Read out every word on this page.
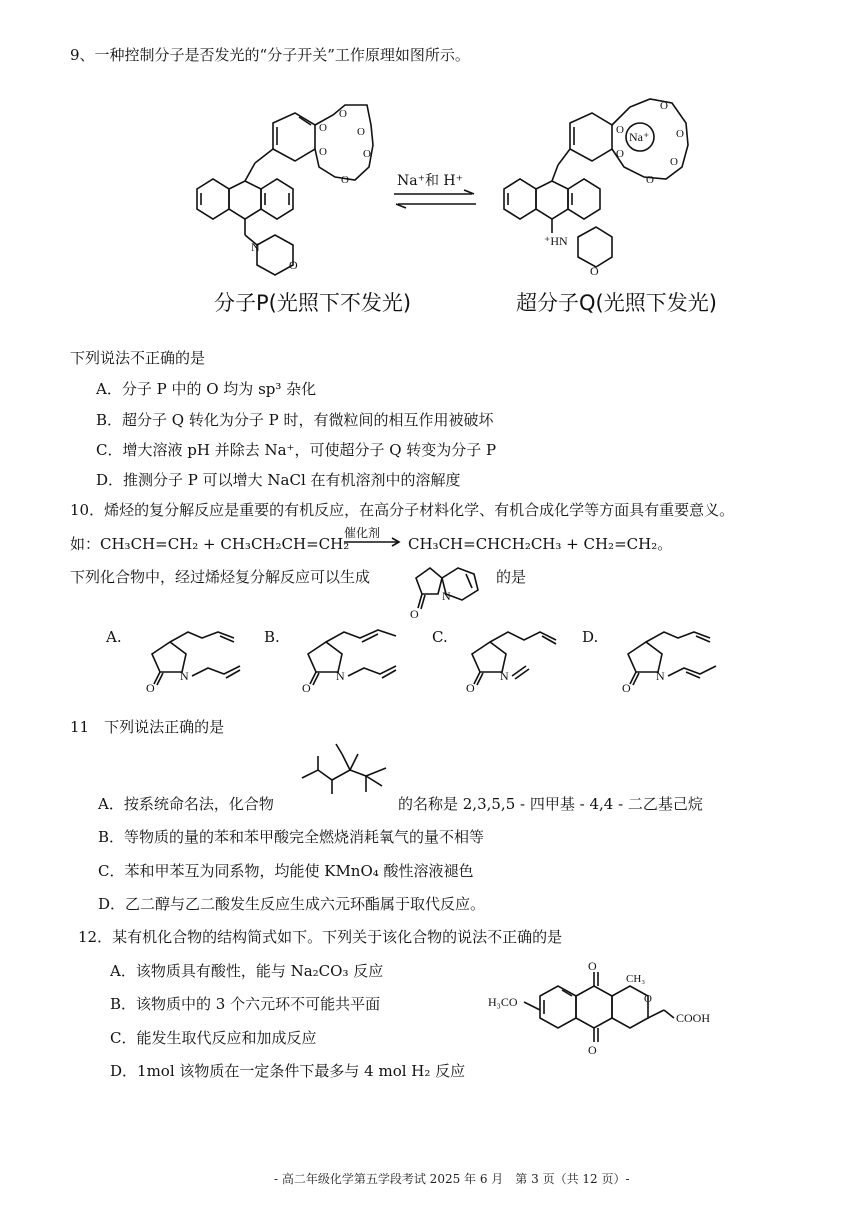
9、一种控制分子是否发光的“分子开关”工作原理如图所示。
O
O
O
O
O
O
N
O
Na⁺和 H⁺
Na⁺
O
O
O
O
O
O
⁺HN
O
分子P(光照下不发光)	超分子Q(光照下发光)
下列说法不正确的是
A．分子 P 中的 O 均为 sp³ 杂化
B．超分子 Q 转化为分子 P 时，有微粒间的相互作用被破坏
C．增大溶液 pH 并除去 Na⁺，可使超分子 Q 转变为分子 P
D．推测分子 P 可以增大 NaCl 在有机溶剂中的溶解度
10．烯烃的复分解反应是重要的有机反应，在高分子材料化学、有机合成化学等方面具有重要意义。
如：CH₃CH=CH₂ + CH₃CH₂CH=CH₂
催化剂
→ CH₃CH=CHCH₂CH₃ + CH₂=CH₂。
下列化合物中，经过烯烃复分解反应可以生成
O
N
的是
A.
O
N
B.
O
N
C.
O
N
D.
O
N
11　下列说法正确的是
A．按系统命名法，化合物	的名称是 2,3,5,5 - 四甲基 - 4,4 - 二乙基己烷
B．等物质的量的苯和苯甲酸完全燃烧消耗氧气的量不相等
C．苯和甲苯互为同系物，均能使 KMnO₄ 酸性溶液褪色
D．乙二醇与乙二酸发生反应生成六元环酯属于取代反应。
12．某有机化合物的结构简式如下。下列关于该化合物的说法不正确的是
A．该物质具有酸性，能与 Na₂CO₃ 反应
B．该物质中的 3 个六元环不可能共平面
C．能发生取代反应和加成反应
D．1mol 该物质在一定条件下最多与 4 mol H₂ 反应
H₃CO
O
O
CH₃
O
COOH
- 高二年级化学第五学段考试 2025 年 6 月　第 3 页（共 12 页）-
